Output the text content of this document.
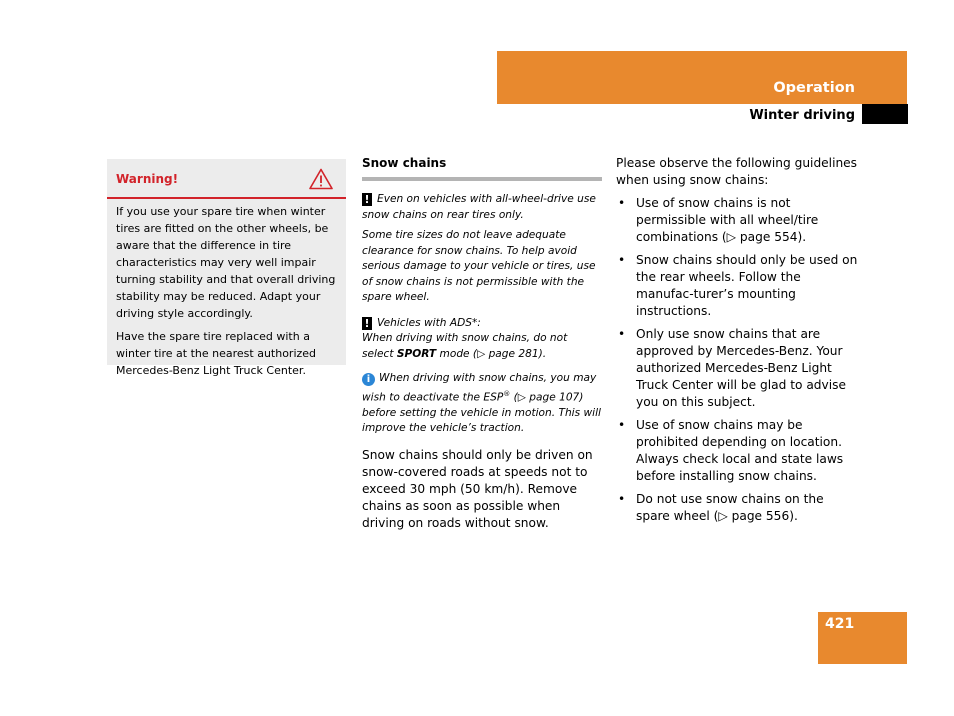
Operation
Winter driving
Warning!

If you use your spare tire when winter tires are fitted on the other wheels, be aware that the difference in tire characteristics may very well impair turning stability and that overall driving stability may be reduced. Adapt your driving style accordingly.

Have the spare tire replaced with a winter tire at the nearest authorized Mercedes-Benz Light Truck Center.

Snow chains

! Even on vehicles with all-wheel-drive use snow chains on rear tires only.

Some tire sizes do not leave adequate clearance for snow chains. To help avoid serious damage to your vehicle or tires, use of snow chains is not permissible with the spare wheel.

! Vehicles with ADS*:
When driving with snow chains, do not select SPORT mode (▷ page 281).

i When driving with snow chains, you may wish to deactivate the ESP® (▷ page 107) before setting the vehicle in motion. This will improve the vehicle’s traction.

Snow chains should only be driven on snow-covered roads at speeds not to exceed 30 mph (50 km/h). Remove chains as soon as possible when driving on roads without snow.

Please observe the following guidelines when using snow chains:

• Use of snow chains is not permissible with all wheel/tire combinations (▷ page 554).
• Snow chains should only be used on the rear wheels. Follow the manufac-turer’s mounting instructions.
• Only use snow chains that are approved by Mercedes-Benz. Your authorized Mercedes-Benz Light Truck Center will be glad to advise you on this subject.
• Use of snow chains may be prohibited depending on location. Always check local and state laws before installing snow chains.
• Do not use snow chains on the spare wheel (▷ page 556).
421
